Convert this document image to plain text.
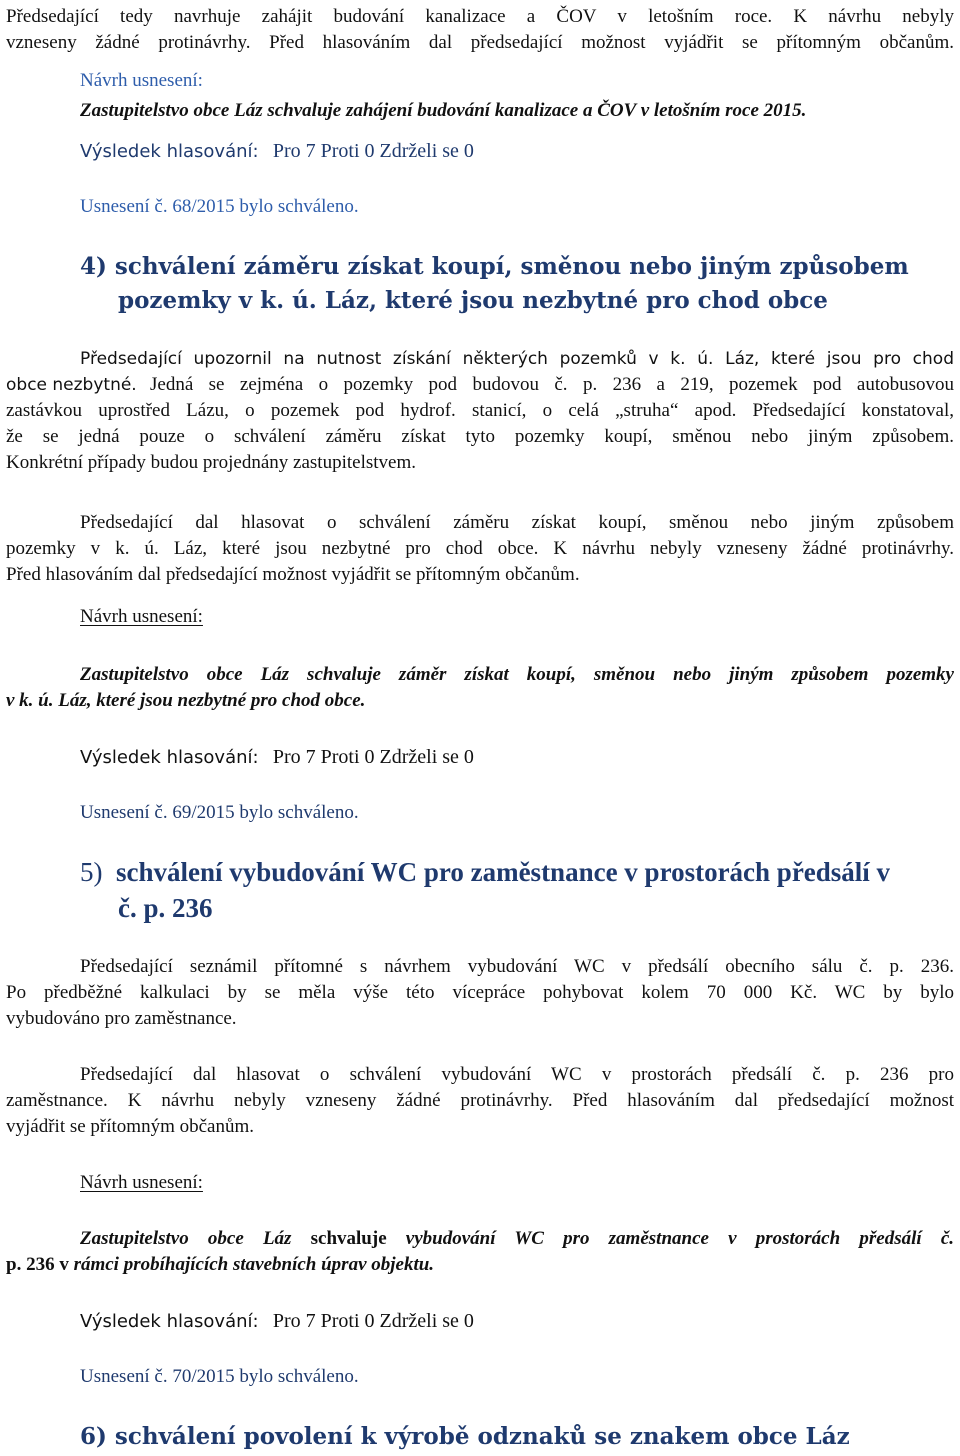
Předsedající tedy navrhuje zahájit budování kanalizace a ČOV v letošním roce. K návrhu nebyly
vzneseny žádné protinávrhy. Před hlasováním dal předsedající možnost vyjádřit se přítomným občanům.
Návrh usnesení:
Zastupitelstvo obce Láz schvaluje zahájení budování kanalizace a ČOV v letošním roce 2015.
Výsledek hlasování: Pro 7 Proti 0 Zdrželi se 0
Usnesení č. 68/2015 bylo schváleno.
4) schválení záměru získat koupí, směnou nebo jiným způsobem
pozemky v k. ú. Láz, které jsou nezbytné pro chod obce
Předsedající upozornil na nutnost získání některých pozemků v k. ú. Láz, které jsou pro chod
obce nezbytné. Jedná se zejména o pozemky pod budovou č. p. 236 a 219, pozemek pod autobusovou
zastávkou uprostřed Lázu, o pozemek pod hydrof. stanicí, o celá „struha“ apod. Předsedající konstatoval,
že se jedná pouze o schválení záměru získat tyto pozemky koupí, směnou nebo jiným způsobem.
Konkrétní případy budou projednány zastupitelstvem.
Předsedající dal hlasovat o schválení záměru získat koupí, směnou nebo jiným způsobem
pozemky v k. ú. Láz, které jsou nezbytné pro chod obce. K návrhu nebyly vzneseny žádné protinávrhy.
Před hlasováním dal předsedající možnost vyjádřit se přítomným občanům.
Návrh usnesení:
Zastupitelstvo obce Láz schvaluje záměr získat koupí, směnou nebo jiným způsobem pozemky
v k. ú. Láz, které jsou nezbytné pro chod obce.
Výsledek hlasování: Pro 7 Proti 0 Zdrželi se 0
Usnesení č. 69/2015 bylo schváleno.
5) schválení vybudování WC pro zaměstnance v prostorách předsálí v
č. p. 236
Předsedající seznámil přítomné s návrhem vybudování WC v předsálí obecního sálu č. p. 236.
Po předběžné kalkulaci by se měla výše této vícepráce pohybovat kolem 70 000 Kč. WC by bylo
vybudováno pro zaměstnance.
Předsedající dal hlasovat o schválení vybudování WC v prostorách předsálí č. p. 236 pro
zaměstnance. K návrhu nebyly vzneseny žádné protinávrhy. Před hlasováním dal předsedající možnost
vyjádřit se přítomným občanům.
Návrh usnesení:
Zastupitelstvo obce Láz schvaluje vybudování WC pro zaměstnance v prostorách předsálí č.
p. 236 v rámci probíhajících stavebních úprav objektu.
Výsledek hlasování: Pro 7 Proti 0 Zdrželi se 0
Usnesení č. 70/2015 bylo schváleno.
6) schválení povolení k výrobě odznaků se znakem obce Láz
